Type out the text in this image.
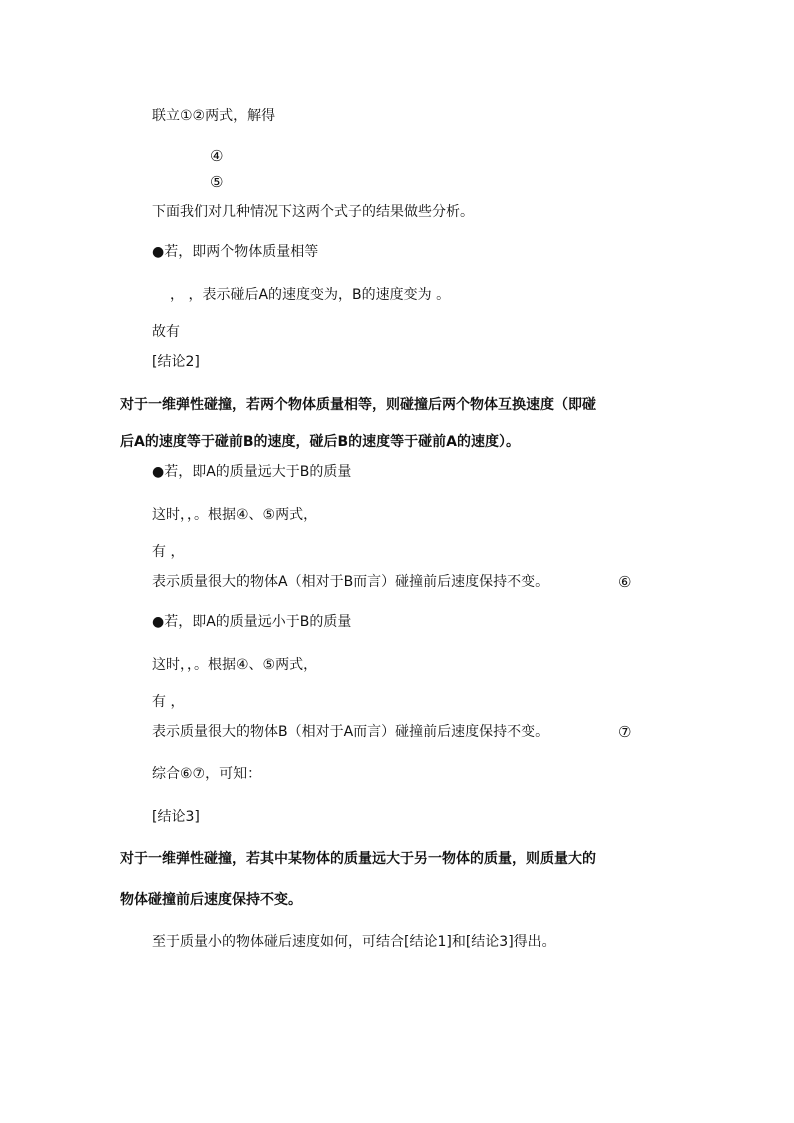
联立①②两式，解得
④
⑤
下面我们对几种情况下这两个式子的结果做些分析。
●若，即两个物体质量相等
， ，表示碰后A的速度变为，B的速度变为 。
故有
[结论2]
对于一维弹性碰撞，若两个物体质量相等，则碰撞后两个物体互换速度（即碰
后A的速度等于碰前B的速度，碰后B的速度等于碰前A的速度）。
●若，即A的质量远大于B的质量
这时，，。根据④、⑤两式，
有 ，
表示质量很大的物体A（相对于B而言）碰撞前后速度保持不变。	⑥
●若，即A的质量远小于B的质量
这时，，。根据④、⑤两式，
有 ，
表示质量很大的物体B（相对于A而言）碰撞前后速度保持不变。	⑦
综合⑥⑦，可知：
[结论3]
对于一维弹性碰撞，若其中某物体的质量远大于另一物体的质量，则质量大的
物体碰撞前后速度保持不变。
至于质量小的物体碰后速度如何，可结合[结论1]和[结论3]得出。
